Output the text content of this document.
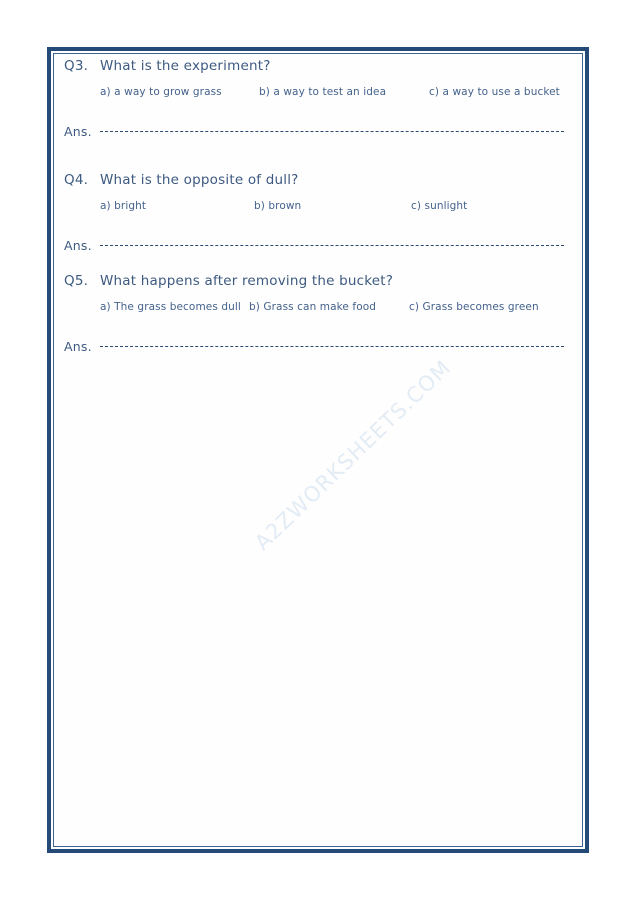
Q3. What is the experiment?
a) a way to grow grass	b) a way to test an idea	c) a way to use a bucket
Ans.
Q4. What is the opposite of dull?
a) bright	b) brown	c) sunlight
Ans.
Q5. What happens after removing the bucket?
a) The grass becomes dull b) Grass can make food	c) Grass becomes green
Ans.
A2ZWORKSHEETS.COM
